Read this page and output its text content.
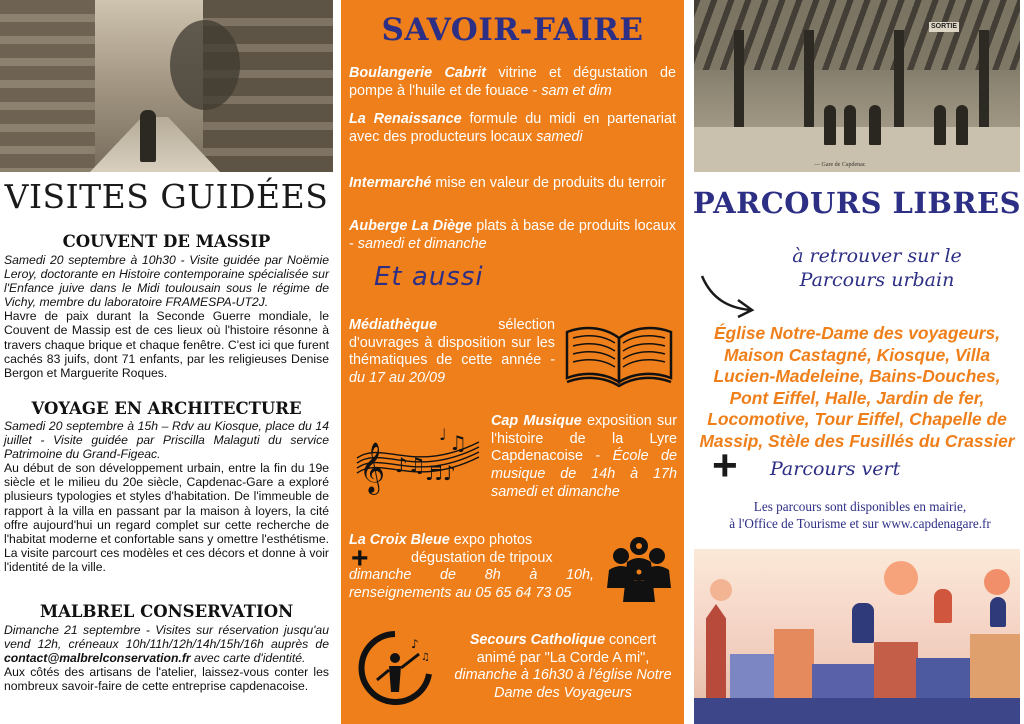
VISITES GUIDÉES
COUVENT DE MASSIP

Samedi 20 septembre à 10h30 - Visite guidée par Noëmie Leroy, doctorante en Histoire contemporaine spécialisée sur l'Enfance juive dans le Midi toulousain sous le régime de Vichy, membre du laboratoire FRAMESPA-UT2J.

Havre de paix durant la Seconde Guerre mondiale, le Couvent de Massip est de ces lieux où l'histoire résonne à travers chaque brique et chaque fenêtre. C'est ici que furent cachés 83 juifs, dont 71 enfants, par les religieuses Denise Bergon et Marguerite Roques.

VOYAGE EN ARCHITECTURE

Samedi 20 septembre à 15h – Rdv au Kiosque, place du 14 juillet - Visite guidée par Priscilla Malaguti du service Patrimoine du Grand-Figeac.

Au début de son développement urbain, entre la fin du 19e siècle et le milieu du 20e siècle, Capdenac-Gare a exploré plusieurs typologies et styles d'habitation. De l'immeuble de rapport à la villa en passant par la maison à loyers, la cité offre aujourd'hui un regard complet sur cette recherche de l'habitat moderne et confortable sans y omettre l'esthétisme. La visite parcourt ces modèles et ces décors et donne à voir l'identité de la ville.

MALBREL CONSERVATION

Dimanche 21 septembre - Visites sur réservation jusqu'au vend 12h, créneaux 10h/11h/12h/14h/15h/16h auprès de contact@malbrelconservation.fr avec carte d'identité.

Aux côtés des artisans de l'atelier, laissez-vous conter les nombreux savoir-faire de cette entreprise capdenacoise.

SAVOIR-FAIRE
Boulangerie Cabrit vitrine et dégustation de pompe à l'huile et de fouace - sam et dim
La Renaissance formule du midi en partenariat avec des producteurs locaux samedi
Intermarché mise en valeur de produits du terroir
Auberge La Diège plats à base de produits locaux - samedi et dimanche
Et aussi
Médiathèque sélection d'ouvrages à disposition sur les thématiques de cette année - du 17 au 20/09
Cap Musique exposition sur l'histoire de la Lyre Capdenacoise - École de musique de 14h à 17h samedi et dimanche
𝄞 ♪♫ ♬♪
♫
♩
La Croix Bleue expo photos
dégustation de tripoux
dimanche de 8h à 10h, renseignements au 05 65 64 73 05
+
Secours Catholique concert animé par "La Corde A mi", dimanche à 16h30 à l'église Notre Dame des Voyageurs
♪
♫
SORTIE
— Gare de Capdenac
PARCOURS LIBRES
à retrouver sur le
Parcours urbain
Église Notre-Dame des voyageurs, Maison Castagné, Kiosque, Villa Lucien-Madeleine, Bains-Douches, Pont Eiffel, Halle, Jardin de fer, Locomotive, Tour Eiffel, Chapelle de Massip, Stèle des Fusillés du Crassier
+ Parcours vert
Les parcours sont disponibles en mairie,
à l'Office de Tourisme et sur www.capdenagare.fr
